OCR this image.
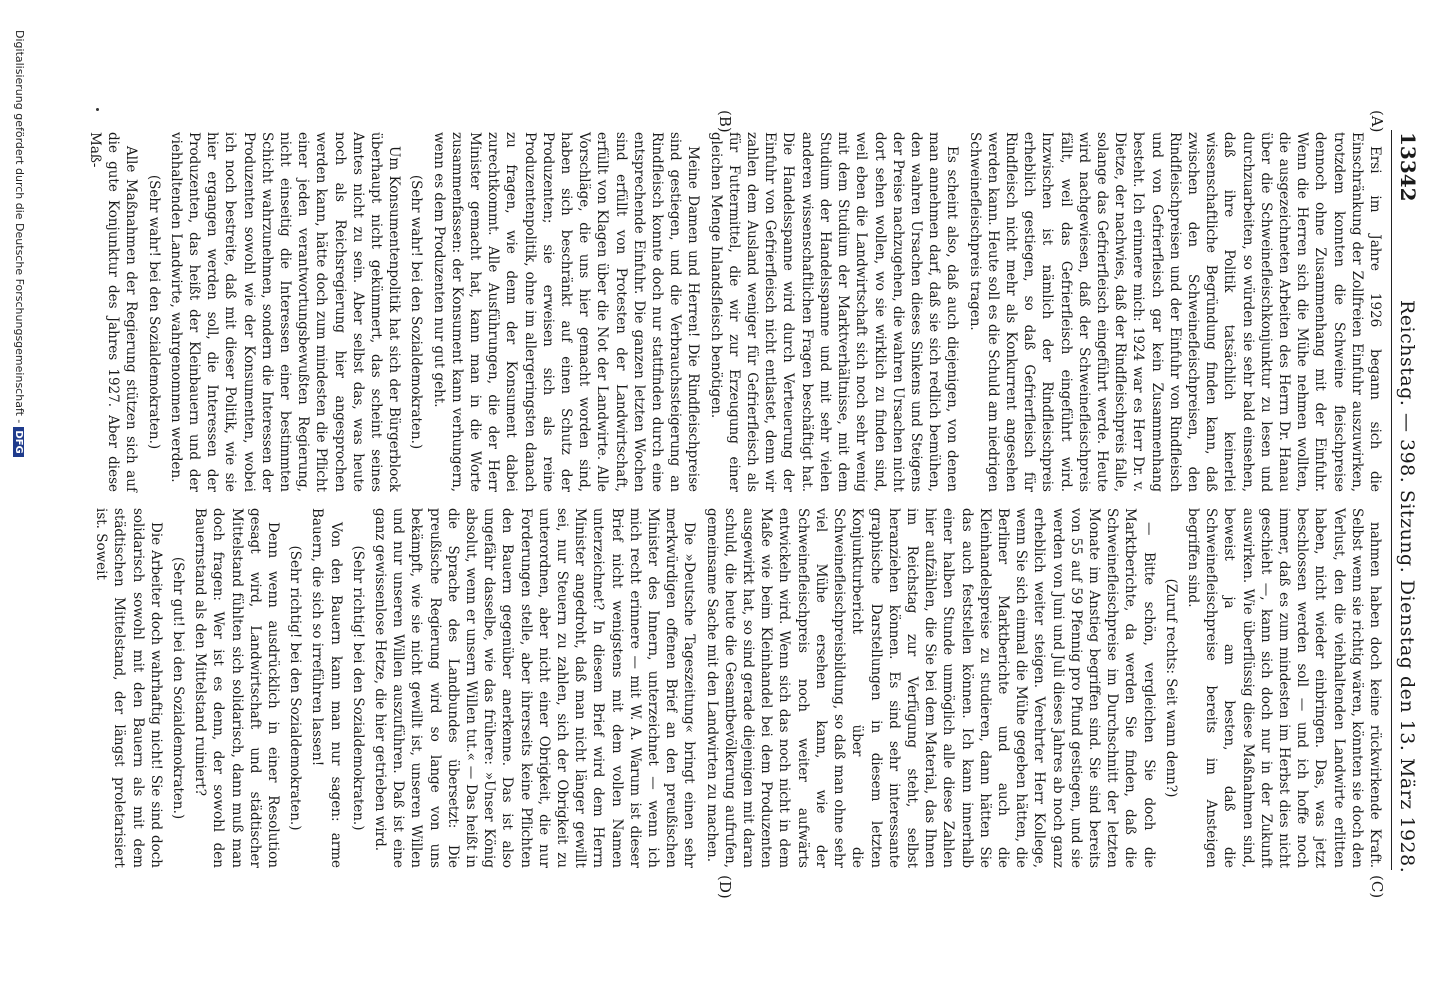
13342
Reichstag. — 398. Sitzung. Dienstag den 13. März 1928.
(A)
(B)
(C)
(D)

Ersi im Jahre 1926 begann sich die Einschränkung der Zollfreien Einfuhr auszuwirken, trotzdem konnten die Schweine fleischpreise dennoch ohne Zusammenhang mit der Einfuhr. Wenn die Herren sich die Mühe nehmen wollten, die ausgezeichneten Arbeiten des Herrn Dr. Hanau über die Schweinefleischkonjunktur zu lesen und durchzuarbeiten, so würden sie sehr bald einsehen, daß ihre Politik tatsächlich keinerlei wissenschaftliche Begründung finden kann, daß zwischen den Schweinefleischpreisen, den Rindfleischpreisen und der Einfuhr von Rindfleisch und von Gefrierfleisch gar kein Zusammenhang besteht. Ich erinnere mich: 1924 war es Herr Dr. v. Dietze, der nachwies, daß der Rindfleischpreis falle, solange das Gefrierfleisch eingeführt werde. Heute wird nachgewiesen, daß der Schweinefleischpreis fällt, weil das Gefrierfleisch eingeführt wird. Inzwischen ist nämlich der Rindfleischpreis erheblich gestiegen, so daß Gefrierfleisch für Rindfleisch nicht mehr als Konkurrent angesehen werden kann. Heute soll es die Schuld am niedrigen Schweinefleischpreis tragen.

Es scheint also, daß auch diejenigen, von denen man annehmen darf, daß sie sich redlich bemühen, den wahren Ursachen dieses Sinkens und Steigens der Preise nachzugehen, die wahren Ursachen nicht dort sehen wollen, wo sie wirklich zu finden sind, weil eben die Landwirtschaft sich noch sehr wenig mit dem Studium der Marktverhältnisse, mit dem Studium der Handelsspanne und mit sehr vielen anderen wissenschaftlichen Fragen beschäftigt hat. Die Handelsspanne wird durch Verteuerung der Einfuhr von Gefrierfleisch nicht entlastet, denn wir zahlen dem Ausland weniger für Gefrierfleisch als für Futtermittel, die wir zur Erzeugung einer gleichen Menge Inlandsfleisch benötigen.

Meine Damen und Herren! Die Rindfleischpreise sind gestiegen, und die Verbrauchssteigerung an Rindfleisch konnte doch nur stattfinden durch eine entsprechende Einfuhr. Die ganzen letzten Wochen sind erfüllt von Protesten der Landwirtschaft, erfüllt von Klagen über die Not der Landwirte. Alle Vorschläge, die uns hier gemacht worden sind, haben sich beschränkt auf einen Schutz der Produzenten; sie erweisen sich als reine Produzentenpolitik, ohne im allergeringsten danach zu fragen, wie denn der Konsument dabei zurechtkommt. Alle Ausführungen, die der Herr Minister gemacht hat, kann man in die Worte zusammenfassen: der Konsument kann verhungern, wenn es dem Produzenten nur gut geht.

(Sehr wahr! bei den Sozialdemokraten.)

Um Konsumentenpolitik hat sich der Bürgerblock überhaupt nicht gekümmert, das scheint seines Amtes nicht zu sein. Aber selbst das, was heute noch als Reichsregierung hier angesprochen werden kann, hätte doch zum mindesten die Pflicht einer jeden verantwortungsbewußten Regierung, nicht einseitig die Interessen einer bestimmten Schicht wahrzunehmen, sondern die Interessen der Produzenten sowohl wie der Konsumenten, wobei ich noch bestreite, daß mit dieser Politik, wie sie hier ergangen werden soll, die Interessen der Produzenten, das heißt der Kleinbauern und der viehhaltenden Landwirte, wahrgenommen werden.

(Sehr wahr! bei den Sozialdemokraten.)

Alle Maßnahmen der Regierung stützen sich auf die gute Konjunktur des Jahres 1927. Aber diese Maß-

nahmen haben doch keine rückwirkende Kraft. Selbst wenn sie richtig wären, könnten sie doch den Verlust, den die viehhaltenden Landwirte erlitten haben, nicht wieder einbringen. Das, was jetzt beschlossen werden soll — und ich hoffe noch immer, daß es zum mindesten im Herbst dies nicht geschieht —, kann sich doch nur in der Zukunft auswirken. Wie überflüssig diese Maßnahmen sind, beweist ja am besten, daß die Schweinefleischpreise bereits im Ansteigen begriffen sind.

(Zuruf rechts: Seit wann denn?)

— Bitte schön, vergleichen Sie doch die Marktberichte, da werden Sie finden, daß die Schweinefleischpreise im Durchschnitt der letzten Monate im Anstieg begriffen sind. Sie sind bereits von 55 auf 59 Pfennig pro Pfund gestiegen, und sie werden von Juni und Juli dieses Jahres ab noch ganz erheblich weiter steigen. Verehrter Herr Kollege, wenn Sie sich einmal die Mühe gegeben hätten, die Berliner Marktberichte und auch die Kleinhandelspreise zu studieren, dann hätten Sie das auch feststellen können. Ich kann innerhalb einer halben Stunde unmöglich alle diese Zahlen hier aufzählen, die Sie bei dem Material, das Ihnen im Reichstag zur Verfügung steht, selbst heranziehen können. Es sind sehr interessante graphische Darstellungen in diesem letzten Konjunkturbericht über die Schweinefleischpreisbildung, so daß man ohne sehr viel Mühe ersehen kann, wie der Schweinefleischpreis noch weiter aufwärts entwickeln wird. Wenn sich das noch nicht in dem Maße wie beim Kleinhandel bei dem Produzenten ausgewirkt hat, so sind gerade diejenigen mit daran schuld, die heute die Gesamtbevölkerung aufrufen, gemeinsame Sache mit den Landwirten zu machen.

Die »Deutsche Tageszeitung« bringt einen sehr merkwürdigen offenen Brief an den preußischen Minister des Innern, unterzeichnet — wenn ich mich recht erinnere — mit W. A. Warum ist dieser Brief nicht wenigstens mit dem vollen Namen unterzeichnet? In diesem Brief wird dem Herrn Minister angedroht, daß man nicht länger gewillt sei, nur Steuern zu zahlen, sich der Obrigkeit zu unterordnen, aber nicht einer Obrigkeit, die nur Forderungen stelle, aber ihrerseits keine Pflichten den Bauern gegenüber anerkenne. Das ist also ungefähr dasselbe, wie das frühere: »Unser König absolut, wenn er unsern Willen tut.« — Das heißt in die Sprache des Landbundes übersetzt: Die preußische Regierung wird so lange von uns bekämpft, wie sie nicht gewillt ist, unseren Willen und nur unseren Willen auszuführen. Daß ist eine ganz gewissenlose Hetze, die hier getrieben wird.

(Sehr richtig! bei den Sozialdemokraten.)

Von den Bauern kann man nur sagen: arme Bauern, die sich so irreführen lassen!

(Sehr richtig! bei den Sozialdemokraten.)

Denn wenn ausdrücklich in einer Resolution gesagt wird, Landwirtschaft und städtischer Mittelstand fühlten sich solidarisch, dann muß man doch fragen: Wer ist es denn, der sowohl den Bauernstand als den Mittelstand ruiniert?

(Sehr gut! bei den Sozialdemokraten.)

Die Arbeiter doch wahrhaftig nicht! Sie sind doch solidarisch sowohl mit den Bauern als mit dem städtischen Mittelstand, der längst proletarisiert ist. Soweit

Digitalisierung gefördert durch die Deutsche Forschungsgemeinschaft -DFG
